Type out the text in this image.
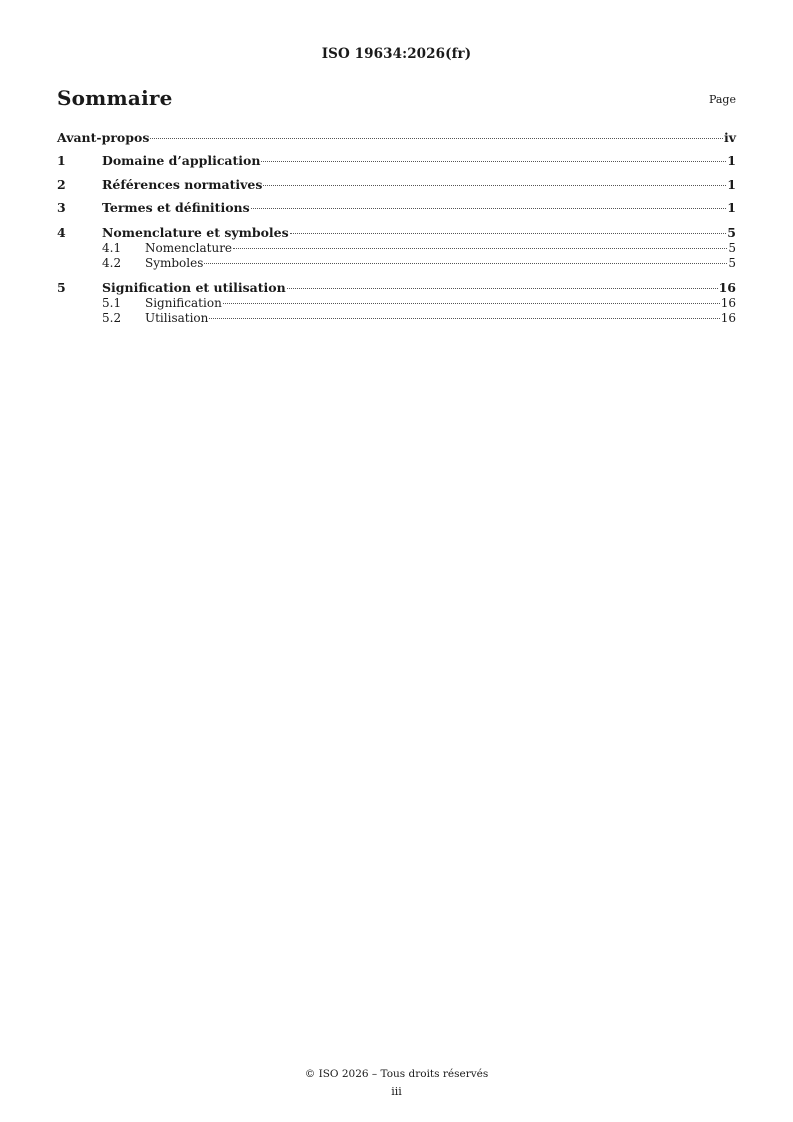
ISO 19634:2026(fr)
Sommaire	Page
Avant-propos	iv
1	Domaine d’application	1
2	Références normatives	1
3	Termes et définitions	1
4	Nomenclature et symboles	5
4.1	Nomenclature	5
4.2	Symboles	5
5	Signification et utilisation	16
5.1	Signification	16
5.2	Utilisation	16
© ISO 2026 – Tous droits réservés
iii
